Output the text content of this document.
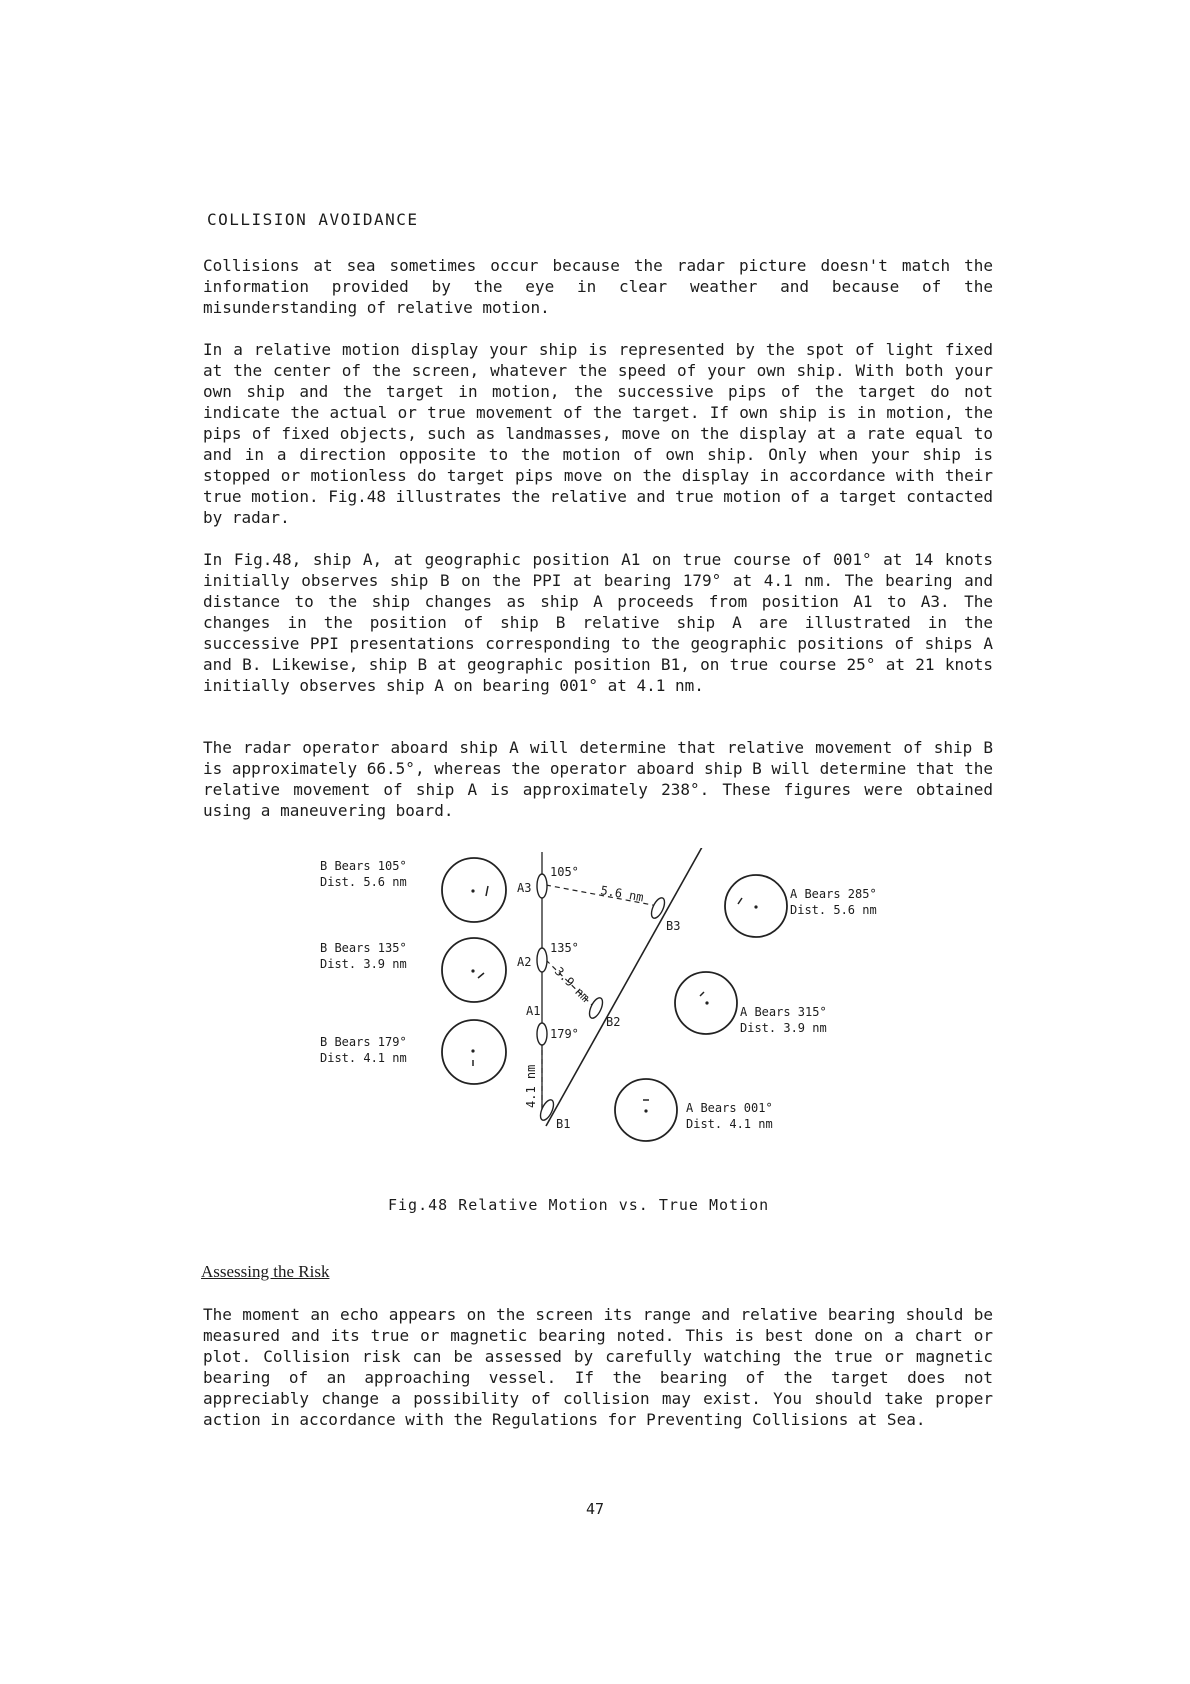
COLLISION AVOIDANCE

Collisions at sea sometimes occur because the radar picture doesn't match the information provided by the eye in clear weather and because of the misunderstanding of relative motion.

In a relative motion display your ship is represented by the spot of light fixed at the center of the screen, whatever the speed of your own ship. With both your own ship and the target in motion, the successive pips of the target do not indicate the actual or true movement of the target. If own ship is in motion, the pips of fixed objects, such as landmasses, move on the display at a rate equal to and in a direction opposite to the motion of own ship. Only when your ship is stopped or motionless do target pips move on the display in accordance with their true motion. Fig.48 illustrates the relative and true motion of a target contacted by radar.

In Fig.48, ship A, at geographic position A1 on true course of 001° at 14 knots initially observes ship B on the PPI at bearing 179° at 4.1 nm. The bearing and distance to the ship changes as ship A proceeds from position A1 to A3. The changes in the position of ship B relative ship A are illustrated in the successive PPI presentations corresponding to the geographic positions of ships A and B. Likewise, ship B at geographic position B1, on true course 25° at 21 knots initially observes ship A on bearing 001° at 4.1 nm.

The radar operator aboard ship A will determine that relative movement of ship B is approximately 66.5°, whereas the operator aboard ship B will determine that the relative movement of ship A is approximately 238°. These figures were obtained using a maneuvering board.

B Bears 105°
Dist. 5.6 nm
B Bears 135°
Dist. 3.9 nm
B Bears 179°
Dist. 4.1 nm
A3
A2
A1
B3
B2
B1
105°
135°
179°
5.6 nm
3.9 nm
4.1 nm
A Bears 285°
Dist. 5.6 nm
A Bears 315°
Dist. 3.9 nm
A Bears 001°
Dist. 4.1 nm

Fig.48 Relative Motion vs. True Motion

Assessing the Risk

The moment an echo appears on the screen its range and relative bearing should be measured and its true or magnetic bearing noted. This is best done on a chart or plot. Collision risk can be assessed by carefully watching the true or magnetic bearing of an approaching vessel. If the bearing of the target does not appreciably change a possibility of collision may exist. You should take proper action in accordance with the Regulations for Preventing Collisions at Sea.

47
